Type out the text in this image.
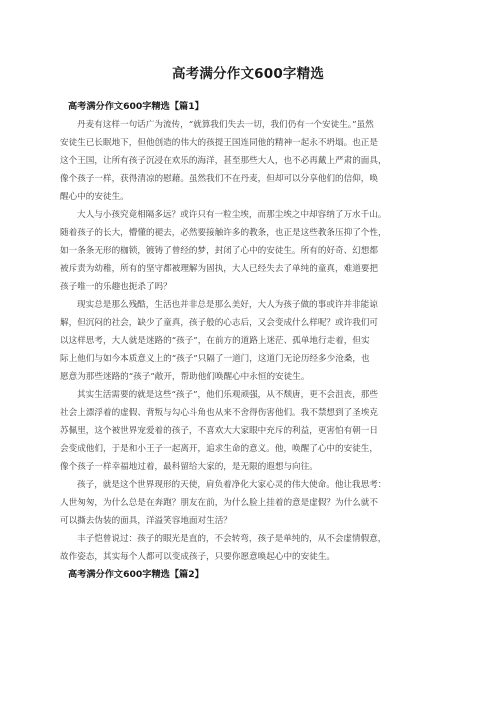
高考满分作文600字精选
高考满分作文600字精选【篇1】
丹麦有这样一句话广为流传，“就算我们失去一切，我们仍有一个安徒生。”虽然
安徒生已长眠地下，但他创造的伟大的孩提王国连同他的精神一起永不坍塌。也正是
这个王国，让所有孩子沉浸在欢乐的海洋，甚至那些大人，也不必再戴上严肃的面具，
像个孩子一样，获得清凉的慰藉。虽然我们不在丹麦，但却可以分享他们的信仰，唤
醒心中的安徒生。
大人与小孩究竟相隔多远？或许只有一粒尘埃，而那尘埃之中却容纳了万水千山。
随着孩子的长大，懵懂的褪去，必然要接触许多的教条，也正是这些教条压抑了个性，
如一条条无形的枷锁，镀铸了曾经的梦，封闭了心中的安徒生。所有的好奇、幻想都
被斥责为幼稚，所有的坚守都被理解为固执，大人已经失去了单纯的童真，难道要把
孩子唯一的乐趣也扼杀了吗？
现实总是那么残酷，生活也并非总是那么美好，大人为孩子做的事或许并非能谅
解，但沉闷的社会，缺少了童真，孩子般的心志后，又会变成什么样呢？或许我们可
以这样思考，大人就是迷路的“孩子”，在前方的道路上迷茫、孤单地行走着，但实
际上他们与如今本质意义上的“孩子”只隔了一道门，这道门无论历经多少沧桑，也
愿意为那些迷路的“孩子”敞开，帮助他们唤醒心中永恒的安徒生。
其实生活需要的就是这些“孩子”，他们乐观顽强，从不颓唐，更不会沮丧，那些
社会上漂浮着的虚假、背叛与勾心斗角也从来不舍得伤害他们。我不禁想到了圣埃克
苏佩里，这个被世界宠爱着的孩子，不喜欢大大家眼中充斥的利益，更害怕有朝一日
会变成他们，于是和小王子一起离开，追求生命的意义。他，唤醒了心中的安徒生，
像个孩子一样幸福地过着，最科留给大家的，是无限的遐想与向往。
孩子，就是这个世界现形的天使，肩负着净化大家心灵的伟大使命。他让我思考：
人世匆匆，为什么总是在奔跑？朋友在前，为什么脸上挂着的意是虚假？为什么就不
可以撕去伪装的面具，洋溢笑容地面对生活？
丰子恺曾说过：孩子的眼光是直的，不会转弯，孩子是单纯的，从不会虚情假意，
故作姿态，其实每个人都可以变成孩子，只要你愿意唤起心中的安徒生。
高考满分作文600字精选【篇2】
